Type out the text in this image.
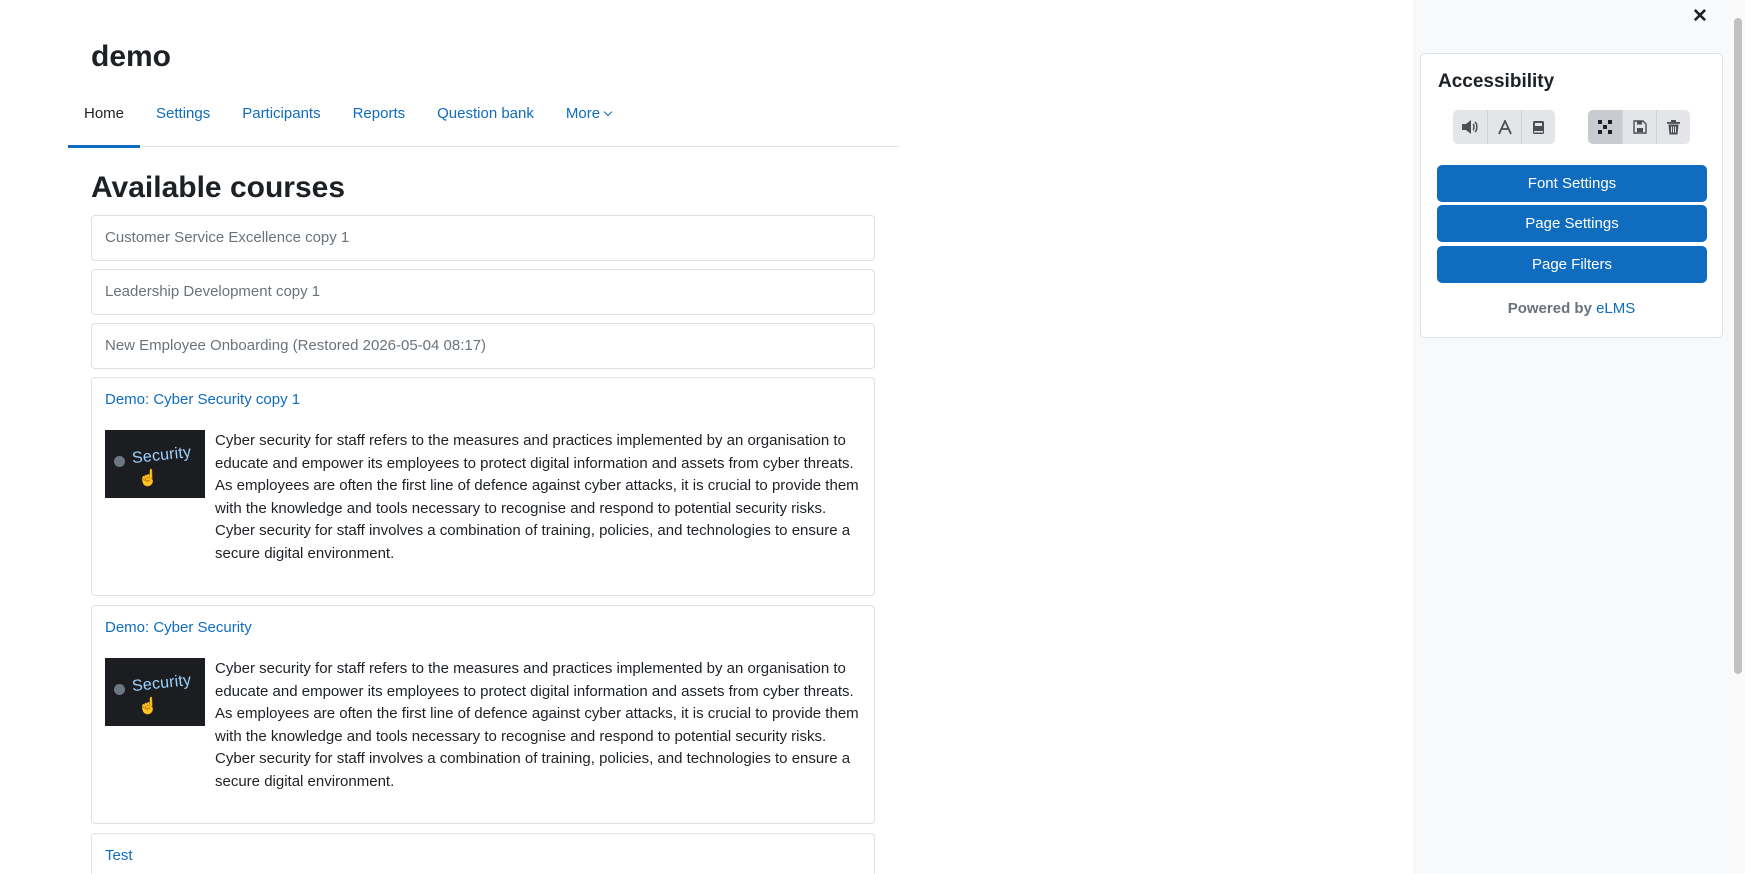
demo
Home	Settings	Participants	Reports	Question bank	More
Available courses
Customer Service Excellence copy 1
Leadership Development copy 1
New Employee Onboarding (Restored 2026-05-04 08:17)
Demo: Cyber Security copy 1
Security
☝
Cyber security for staff refers to the measures and practices implemented by an organisation to
educate and empower its employees to protect digital information and assets from cyber threats.
As employees are often the first line of defence against cyber attacks, it is crucial to provide them
with the knowledge and tools necessary to recognise and respond to potential security risks.
Cyber security for staff involves a combination of training, policies, and technologies to ensure a
secure digital environment.
Demo: Cyber Security
Security
☝
Cyber security for staff refers to the measures and practices implemented by an organisation to
educate and empower its employees to protect digital information and assets from cyber threats.
As employees are often the first line of defence against cyber attacks, it is crucial to provide them
with the knowledge and tools necessary to recognise and respond to potential security risks.
Cyber security for staff involves a combination of training, policies, and technologies to ensure a
secure digital environment.
Test
✕
Accessibility
Font Settings
Page Settings
Page Filters
Powered by eLMS
